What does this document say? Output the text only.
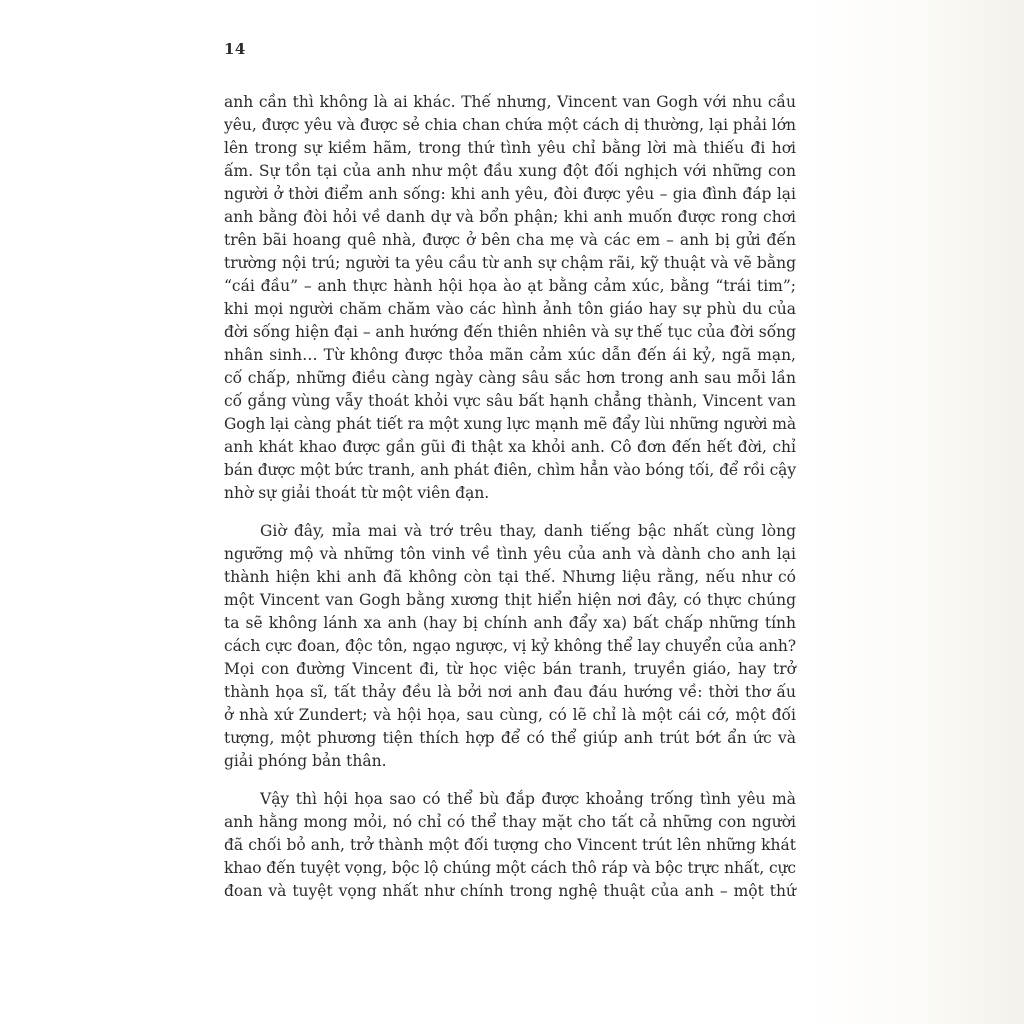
14
anh cần thì không là ai khác. Thế nhưng, Vincent van Gogh với nhu cầu
yêu, được yêu và được sẻ chia chan chứa một cách dị thường, lại phải lớn
lên trong sự kiềm hãm, trong thứ tình yêu chỉ bằng lời mà thiếu đi hơi
ấm. Sự tồn tại của anh như một đầu xung đột đối nghịch với những con
người ở thời điểm anh sống: khi anh yêu, đòi được yêu – gia đình đáp lại
anh bằng đòi hỏi về danh dự và bổn phận; khi anh muốn được rong chơi
trên bãi hoang quê nhà, được ở bên cha mẹ và các em – anh bị gửi đến
trường nội trú; người ta yêu cầu từ anh sự chậm rãi, kỹ thuật và vẽ bằng
“cái đầu” – anh thực hành hội họa ào ạt bằng cảm xúc, bằng “trái tim”;
khi mọi người chăm chăm vào các hình ảnh tôn giáo hay sự phù du của
đời sống hiện đại – anh hướng đến thiên nhiên và sự thế tục của đời sống
nhân sinh… Từ không được thỏa mãn cảm xúc dẫn đến ái kỷ, ngã mạn,
cố chấp, những điều càng ngày càng sâu sắc hơn trong anh sau mỗi lần
cố gắng vùng vẫy thoát khỏi vực sâu bất hạnh chẳng thành, Vincent van
Gogh lại càng phát tiết ra một xung lực mạnh mẽ đẩy lùi những người mà
anh khát khao được gần gũi đi thật xa khỏi anh. Cô đơn đến hết đời, chỉ
bán được một bức tranh, anh phát điên, chìm hẳn vào bóng tối, để rồi cậy
nhờ sự giải thoát từ một viên đạn.
Giờ đây, mỉa mai và trớ trêu thay, danh tiếng bậc nhất cùng lòng
ngưỡng mộ và những tôn vinh về tình yêu của anh và dành cho anh lại
thành hiện khi anh đã không còn tại thế. Nhưng liệu rằng, nếu như có
một Vincent van Gogh bằng xương thịt hiển hiện nơi đây, có thực chúng
ta sẽ không lánh xa anh (hay bị chính anh đẩy xa) bất chấp những tính
cách cực đoan, độc tôn, ngạo ngược, vị kỷ không thể lay chuyển của anh?
Mọi con đường Vincent đi, từ học việc bán tranh, truyền giáo, hay trở
thành họa sĩ, tất thảy đều là bởi nơi anh đau đáu hướng về: thời thơ ấu
ở nhà xứ Zundert; và hội họa, sau cùng, có lẽ chỉ là một cái cớ, một đối
tượng, một phương tiện thích hợp để có thể giúp anh trút bớt ẩn ức và
giải phóng bản thân.
Vậy thì hội họa sao có thể bù đắp được khoảng trống tình yêu mà
anh hằng mong mỏi, nó chỉ có thể thay mặt cho tất cả những con người
đã chối bỏ anh, trở thành một đối tượng cho Vincent trút lên những khát
khao đến tuyệt vọng, bộc lộ chúng một cách thô ráp và bộc trực nhất, cực
đoan và tuyệt vọng nhất như chính trong nghệ thuật của anh – một thứ
